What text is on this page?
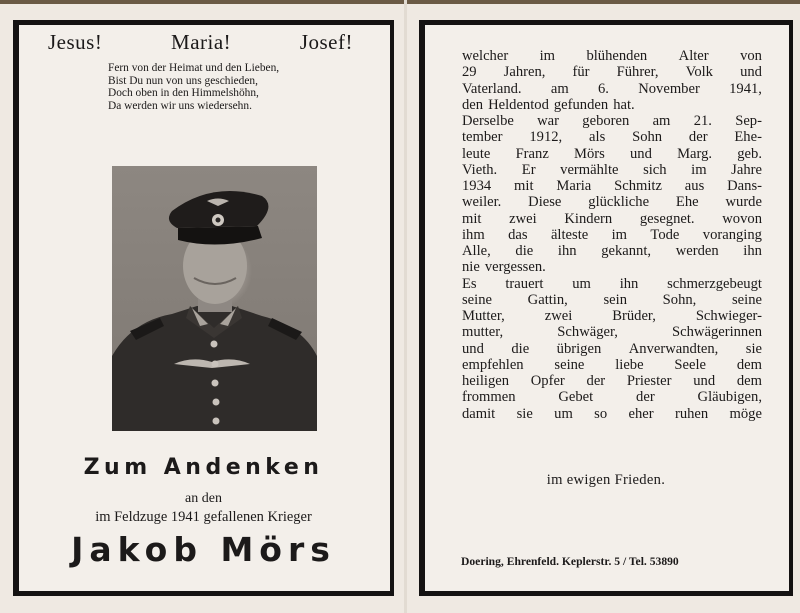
Jesus!	Maria!	Josef!
Fern von der Heimat und den Lieben,
Bist Du nun von uns geschieden,
Doch oben in den Himmelshöhn,
Da werden wir uns wiedersehn.
Zum Andenken
an den
im Feldzuge 1941 gefallenen Krieger
Jakob Mörs
welcher im blühenden Alter von
29 Jahren, für Führer, Volk und
Vaterland. am 6. November 1941,
den Heldentod gefunden hat.
Derselbe war geboren am 21. Sep-
tember 1912, als Sohn der Ehe-
leute Franz Mörs und Marg. geb.
Vieth. Er vermählte sich im Jahre
1934 mit Maria Schmitz aus Dans-
weiler. Diese glückliche Ehe wurde
mit zwei Kindern gesegnet. wovon
ihm das älteste im Tode voranging
Alle, die ihn gekannt, werden ihn
nie vergessen.
Es trauert um ihn schmerzgebeugt
seine Gattin, sein Sohn, seine
Mutter,	zwei	Brüder,	Schwieger-
mutter,	Schwäger,	Schwägerinnen
und die übrigen Anverwandten, sie
empfehlen seine liebe Seele dem
heiligen Opfer der Priester und dem
frommen	Gebet	der	Gläubigen,
damit sie um so eher ruhen möge
im ewigen Frieden.
Doering, Ehrenfeld. Keplerstr. 5 / Tel. 53890
